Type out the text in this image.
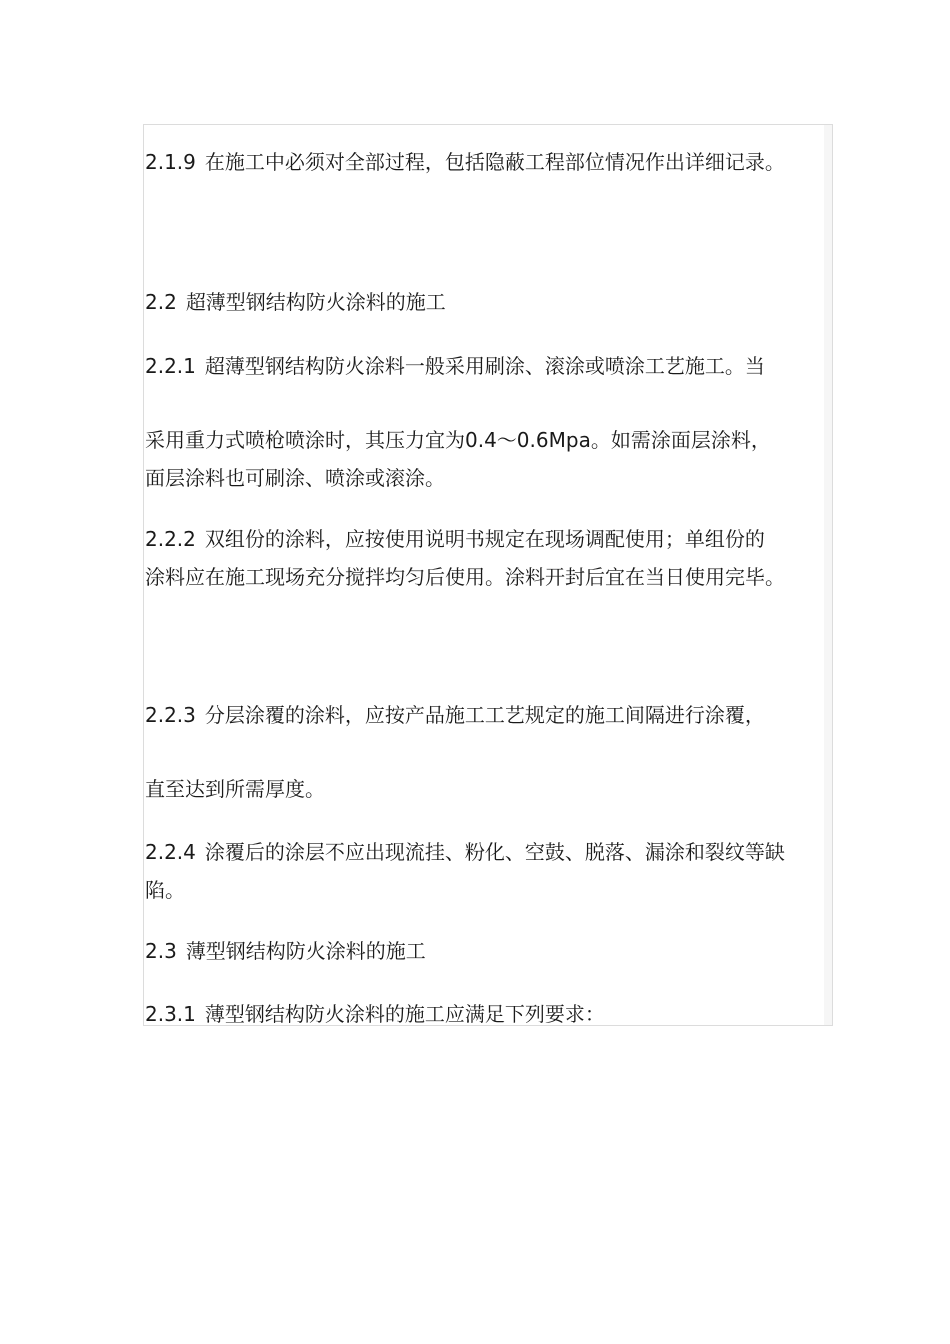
2.1.9 在施工中必须对全部过程，包括隐蔽工程部位情况作出详细记录。
2.2 超薄型钢结构防火涂料的施工
2.2.1 超薄型钢结构防火涂料一般采用刷涂、滚涂或喷涂工艺施工。当
采用重力式喷枪喷涂时，其压力宜为0.4～0.6Mpa。如需涂面层涂料，
面层涂料也可刷涂、喷涂或滚涂。
2.2.2 双组份的涂料，应按使用说明书规定在现场调配使用；单组份的
涂料应在施工现场充分搅拌均匀后使用。涂料开封后宜在当日使用完毕。
2.2.3 分层涂覆的涂料，应按产品施工工艺规定的施工间隔进行涂覆，
直至达到所需厚度。
2.2.4 涂覆后的涂层不应出现流挂、粉化、空鼓、脱落、漏涂和裂纹等缺
陷。
2.3 薄型钢结构防火涂料的施工
2.3.1 薄型钢结构防火涂料的施工应满足下列要求：
